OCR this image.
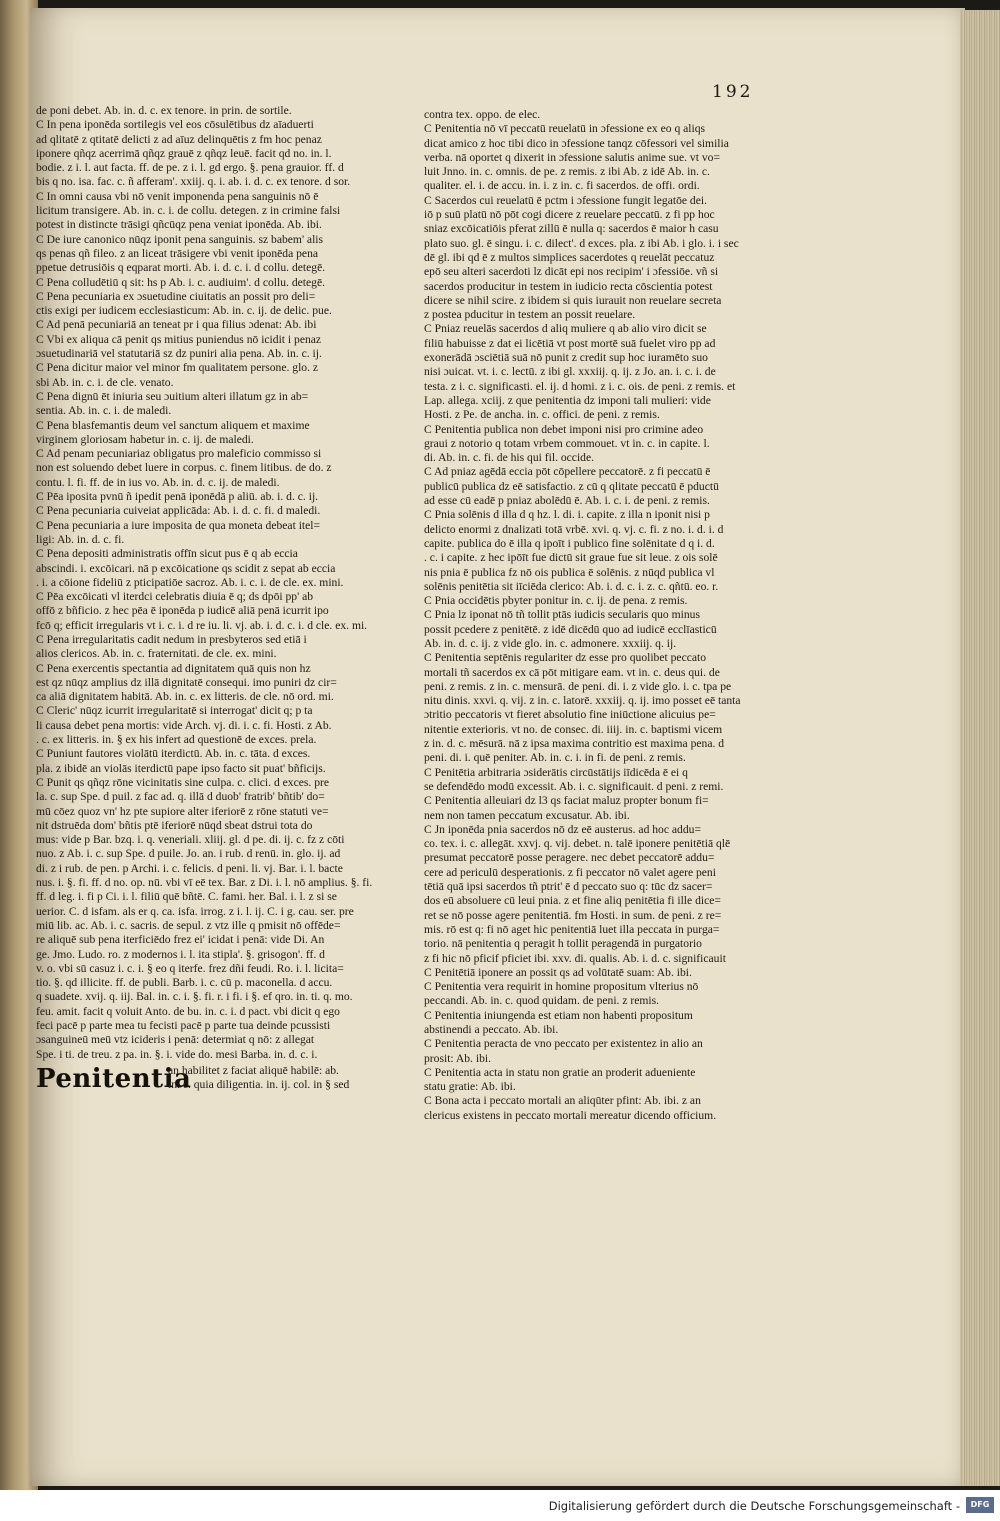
192
de poni debet. Ab. in. d. c. ex tenore. in prin. de sortile.
C In pena iponēda sortilegis vel eos cōsulētibus dz aīaduerti
ad qlitatē z qtitatē delicti z ad aīuz delinquētis z fm hoc penaz
iponere qñqz acerrimā qñqz grauē z qñqz leuē. facit qd no. in. l.
bodie. z i. l. aut facta. ff. de pe. z i. l. gd ergo. §. pena grauior. ff. d
bis q no. isa. fac. c. ñ afferam'. xxiij. q. i. ab. i. d. c. ex tenore. d sor.
C In omni causa vbi nō venit imponenda pena sanguinis nō ē
licitum transigere. Ab. in. c. i. de collu. detegen. z in crimine falsi
potest in distincte trāsigi qñcūqz pena veniat iponēda. Ab. ibi.
C De iure canonico nūqz iponit pena sanguinis. sz babem' alis
qs penas qñ fileo. z an liceat trāsigere vbi venit iponēda pena
ppetue detrusiōis q eqparat morti. Ab. i. d. c. i. d collu. detegē.
C Pena colludētiū q sit: hs p Ab. i. c. audiuim'. d collu. detegē.
C Pena pecuniaria ex ɔsuetudine ciuitatis an possit pro deli=
ctis exigi per iudicem ecclesiasticum: Ab. in. c. ij. de delic. pue.
C Ad penā pecuniariā an teneat pr i qua filius ɔdenat: Ab. ibi
C Vbi ex aliqua cā penit qs mitius puniendus nō icidit i penaz
ɔsuetudinariā vel statutariā sz dz puniri alia pena. Ab. in. c. ij.
C Pena dicitur maior vel minor fm qualitatem persone. glo. z
sbi Ab. in. c. i. de cle. venato.
C Pena dignū ēt iniuria seu ɔuitium alteri illatum gz in ab=
sentia. Ab. in. c. i. de maledi.
C Pena blasfemantis deum vel sanctum aliquem et maxime
virginem gloriosam habetur in. c. ij. de maledi.
C Ad penam pecuniariaz obligatus pro maleficio commisso si
non est soluendo debet luere in corpus. c. finem litibus. de do. z
contu. l. fi. ff. de in ius vo. Ab. in. d. c. ij. de maledi.
C Pēa iposita pvnū ñ ipedit penā iponēdā p aliū. ab. i. d. c. ij.
C Pena pecuniaria cuiveiat applicāda: Ab. i. d. c. fi. d maledi.
C Pena pecuniaria a iure imposita de qua moneta debeat itel=
ligi: Ab. in. d. c. fi.
C Pena depositi administratis offīn sicut pus ē q ab eccia
abscindi. i. excōicari. nā p excōicatione qs scidit z sepat ab eccia
. i. a cōione fideliū z pticipatiōe sacroz. Ab. i. c. i. de cle. ex. mini.
C Pēa excōicati vl iterdci celebratis diuia ē q; ds dpōi pp' ab
offō z bñficio. z hec pēa ē iponēda p iudicē aliā penā icurrit ipo
fcō q; efficit irregularis vt i. c. i. d re iu. li. vj. ab. i. d. c. i. d cle. ex. mi.
C Pena irregularitatis cadit nedum in presbyteros sed etiā i
alios clericos. Ab. in. c. fraternitati. de cle. ex. mini.
C Pena exercentis spectantia ad dignitatem quā quis non hz
est qz nūqz amplius dz illā dignitatē consequi. imo puniri dz cir=
ca aliā dignitatem habitā. Ab. in. c. ex litteris. de cle. nō ord. mi.
C Cleric' nūqz icurrit irregularitatē si interrogat' dicit q; p ta
li causa debet pena mortis: vide Arch. vj. di. i. c. fi. Hosti. z Ab.
. c. ex litteris. in. § ex his infert ad questionē de exces. prela.
C Puniunt fautores violātū iterdictū. Ab. in. c. tāta. d exces.
pla. z ibidē an violās iterdictū pape ipso facto sit puat' bñficijs.
C Punit qs qñqz rōne vicinitatis sine culpa. c. clici. d exces. pre
la. c. sup Spe. d puil. z fac ad. q. illā d duob' fratrib' bñtib' do=
mū cōez quoz vn' hz pte supiore alter iferiorē z rōne statuti ve=
nit dstruēda dom' bñtis ptē iferiorē nūqd sbeat dstrui tota do
mus: vide p Bar. bzq. i. q. veneriali. xliij. gl. d pe. di. ij. c. fz z cōti
nuo. z Ab. i. c. sup Spe. d puile. Jo. an. i rub. d renū. in. glo. ij. ad
di. z i rub. de pen. p Archi. i. c. felicis. d peni. li. vj. Bar. i. l. bacte
nus. i. §. fi. ff. d no. op. nū. vbi vī eē tex. Bar. z Di. i. l. nō amplius. §. fi.
ff. d leg. i. fi p Ci. i. l. filiū quē bñtē. C. fami. her. Bal. i. l. z si se
uerior. C. d isfam. als er q. ca. isfa. irrog. z i. l. ij. C. i g. cau. ser. pre
miū lib. ac. Ab. i. c. sacris. de sepul. z vtz ille q pmisit nō offēde=
re aliquē sub pena iterficiēdo frez ei' icidat i penā: vide Di. An
ge. Jmo. Ludo. ro. z modernos i. l. ita stipla'. §. grisogon'. ff. d
v. o. vbi sū casuz i. c. i. § eo q iterfe. frez dñi feudi. Ro. i. l. licita=
tio. §. qd illicite. ff. de publi. Barb. i. c. cū p. maconella. d accu.
q suadete. xvij. q. iij. Bal. in. c. i. §. fi. r. i fi. i §. ef qro. in. ti. q. mo.
feu. amit. facit q voluit Anto. de bu. in. c. i. d pact. vbi dicit q ego
feci pacē p parte mea tu fecisti pacē p parte tua deinde pcussisti
ɔsanguineū meū vtz icideris i penā: determiat q nō: z allegat
Spe. i ti. de treu. z pa. in. §. i. vide do. mesi Barba. in. d. c. i.
Penitentia
an habilitet z faciat aliquē habilē: ab.
in. c. quia diligentia. in. ij. col. in § sed
contra tex. oppo. de elec.
C Penitentia nō vī peccatū reuelatū in ɔfessione ex eo q aliqs
dicat amico z hoc tibi dico in ɔfessione tanqz cōfessori vel similia
verba. nā oportet q dixerit in ɔfessione salutis anime sue. vt vo=
luit Jnno. in. c. omnis. de pe. z remis. z ibi Ab. z idē Ab. in. c.
qualiter. el. i. de accu. in. i. z in. c. fi sacerdos. de offi. ordi.
C Sacerdos cui reuelatū ē pctm i ɔfessione fungit legatōe dei.
iō p suū platū nō pōt cogi dicere z reuelare peccatū. z fi pp hoc
sniaz excōicatiōis pferat zillū ē nulla q: sacerdos ē maior h casu
plato suo. gl. ē singu. i. c. dilect'. d exces. pla. z ibi Ab. i glo. i. i sec
dē gl. ibi qd ē z multos simplices sacerdotes q reuelāt peccatuz
epō seu alteri sacerdoti lz dicāt epi nos recipim' i ɔfessiōe. vñ si
sacerdos producitur in testem in iudicio recta cōscientia potest
dicere se nihil scire. z ibidem si quis iurauit non reuelare secreta
z postea pducitur in testem an possit reuelare.
C Pniaz reuelās sacerdos d aliq muliere q ab alio viro dicit se
filiū habuisse z dat ei licētiā vt post mortē suā fuelet viro pp ad
exonerādā ɔsciētiā suā nō punit z credit sup hoc iuramēto suo
nisi ɔuicat. vt. i. c. lectū. z ibi gl. xxxiij. q. ij. z Jo. an. i. c. i. de
testa. z i. c. significasti. el. ij. d homi. z i. c. ois. de peni. z remis. et
Lap. allega. xciij. z que penitentia dz imponi tali mulieri: vide
Hosti. z Pe. de ancha. in. c. offici. de peni. z remis.
C Penitentia publica non debet imponi nisi pro crimine adeo
graui z notorio q totam vrbem commouet. vt in. c. in capite. l.
di. Ab. in. c. fi. de his qui fil. occide.
C Ad pniaz agēdā eccia pōt cōpellere peccatorē. z fi peccatū ē
publicū publica dz eē satisfactio. z cū q qlitate peccatū ē pductū
ad esse cū eadē p pniaz abolēdū ē. Ab. i. c. i. de peni. z remis.
C Pnia solēnis d illa d q hz. l. di. i. capite. z illa n iponit nisi p
delicto enormi z dnalizati totā vrbē. xvi. q. vj. c. fi. z no. i. d. i. d
capite. publica do ē illa q ipoīt i publico fine solēnitate d q i. d.
. c. i capite. z hec ipōīt fue dictū sit graue fue sit leue. z ois solē
nis pnia ē publica fz nō ois publica ē solēnis. z nūqd publica vl
solēnis penitētia sit iīciēda clerico: Ab. i. d. c. i. z. c. qñtū. eo. r.
C Pnia occidētis pbyter ponitur in. c. ij. de pena. z remis.
C Pnia lz iponat nō tñ tollit ptās iudicis secularis quo minus
possit pcedere z penitētē. z idē dicēdū quo ad iudicē ecclīasticū
Ab. in. d. c. ij. z vide glo. in. c. admonere. xxxiij. q. ij.
C Penitentia septēnis regulariter dz esse pro quolibet peccato
mortali tñ sacerdos ex cā pōt mitigare eam. vt in. c. deus qui. de
peni. z remis. z in. c. mensurā. de peni. di. i. z vide glo. i. c. tpa pe
nitu dinis. xxvi. q. vij. z in. c. latorē. xxxiij. q. ij. imo posset eē tanta
ɔtritio peccatoris vt fieret absolutio fine iniūctione alicuius pe=
nitentie exterioris. vt no. de consec. di. iiij. in. c. baptismi vicem
z in. d. c. mēsurā. nā z ipsa maxima contritio est maxima pena. d
peni. di. i. quē peniter. Ab. in. c. i. in fi. de peni. z remis.
C Penitētia arbitraria ɔsiderātis circūstātijs iīdicēda ē ei q
se defendēdo modū excessit. Ab. i. c. significauit. d peni. z remi.
C Penitentia alleuiari dz l3 qs faciat maluz propter bonum fi=
nem non tamen peccatum excusatur. Ab. ibi.
C Jn iponēda pnia sacerdos nō dz eē austerus. ad hoc addu=
co. tex. i. c. allegāt. xxvj. q. vij. debet. n. talē iponere penitētiā qlē
presumat peccatorē posse peragere. nec debet peccatorē addu=
cere ad periculū desperationis. z fi peccator nō valet agere peni
tētiā quā ipsi sacerdos tñ ptrit' ē d peccato suo q: tūc dz sacer=
dos eū absoluere cū leui pnia. z et fine aliq penitētia fi ille dice=
ret se nō posse agere penitentiā. fm Hosti. in sum. de peni. z re=
mis. rō est q: fi nō aget hic penitentiā luet illa peccata in purga=
torio. nā penitentia q peragit h tollit peragendā in purgatorio
z fi hic nō pficif pficiet ibi. xxv. di. qualis. Ab. i. d. c. significauit
C Penitētiā iponere an possit qs ad volūtatē suam: Ab. ibi.
C Penitentia vera requirit in homine propositum vlterius nō
peccandi. Ab. in. c. quod quidam. de peni. z remis.
C Penitentia iniungenda est etiam non habenti propositum
abstinendi a peccato. Ab. ibi.
C Penitentia peracta de vno peccato per existentez in alio an
prosit: Ab. ibi.
C Penitentia acta in statu non gratie an proderit adueniente
statu gratie: Ab. ibi.
C Bona acta i peccato mortali an aliqūter pfint: Ab. ibi. z an
clericus existens in peccato mortali mereatur dicendo officium.
Digitalisierung gefördert durch die Deutsche Forschungsgemeinschaft -	DFG
